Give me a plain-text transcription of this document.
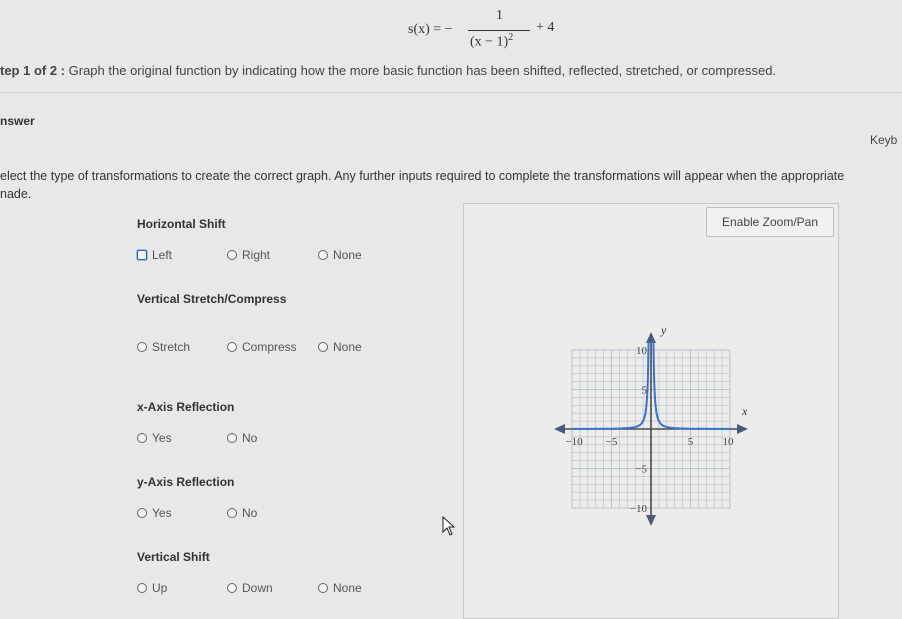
s(x) = −
1
$(x - 1)^2$
+ 4
tep 1 of 2 : Graph the original function by indicating how the more basic function has been shifted, reflected, stretched, or compressed.
nswer
Keyb
elect the type of transformations to create the correct graph. Any further inputs required to complete the transformations will appear when the appropriate
nade.
Horizontal Shift
Left	Right	None
Vertical Stretch/Compress
Stretch	Compress	None
x-Axis Reflection
Yes	No
y-Axis Reflection
Yes	No
Vertical Shift
Up	Down	None
x
y
−10 −5	5	10
10
5
−5
−10
Enable Zoom/Pan
